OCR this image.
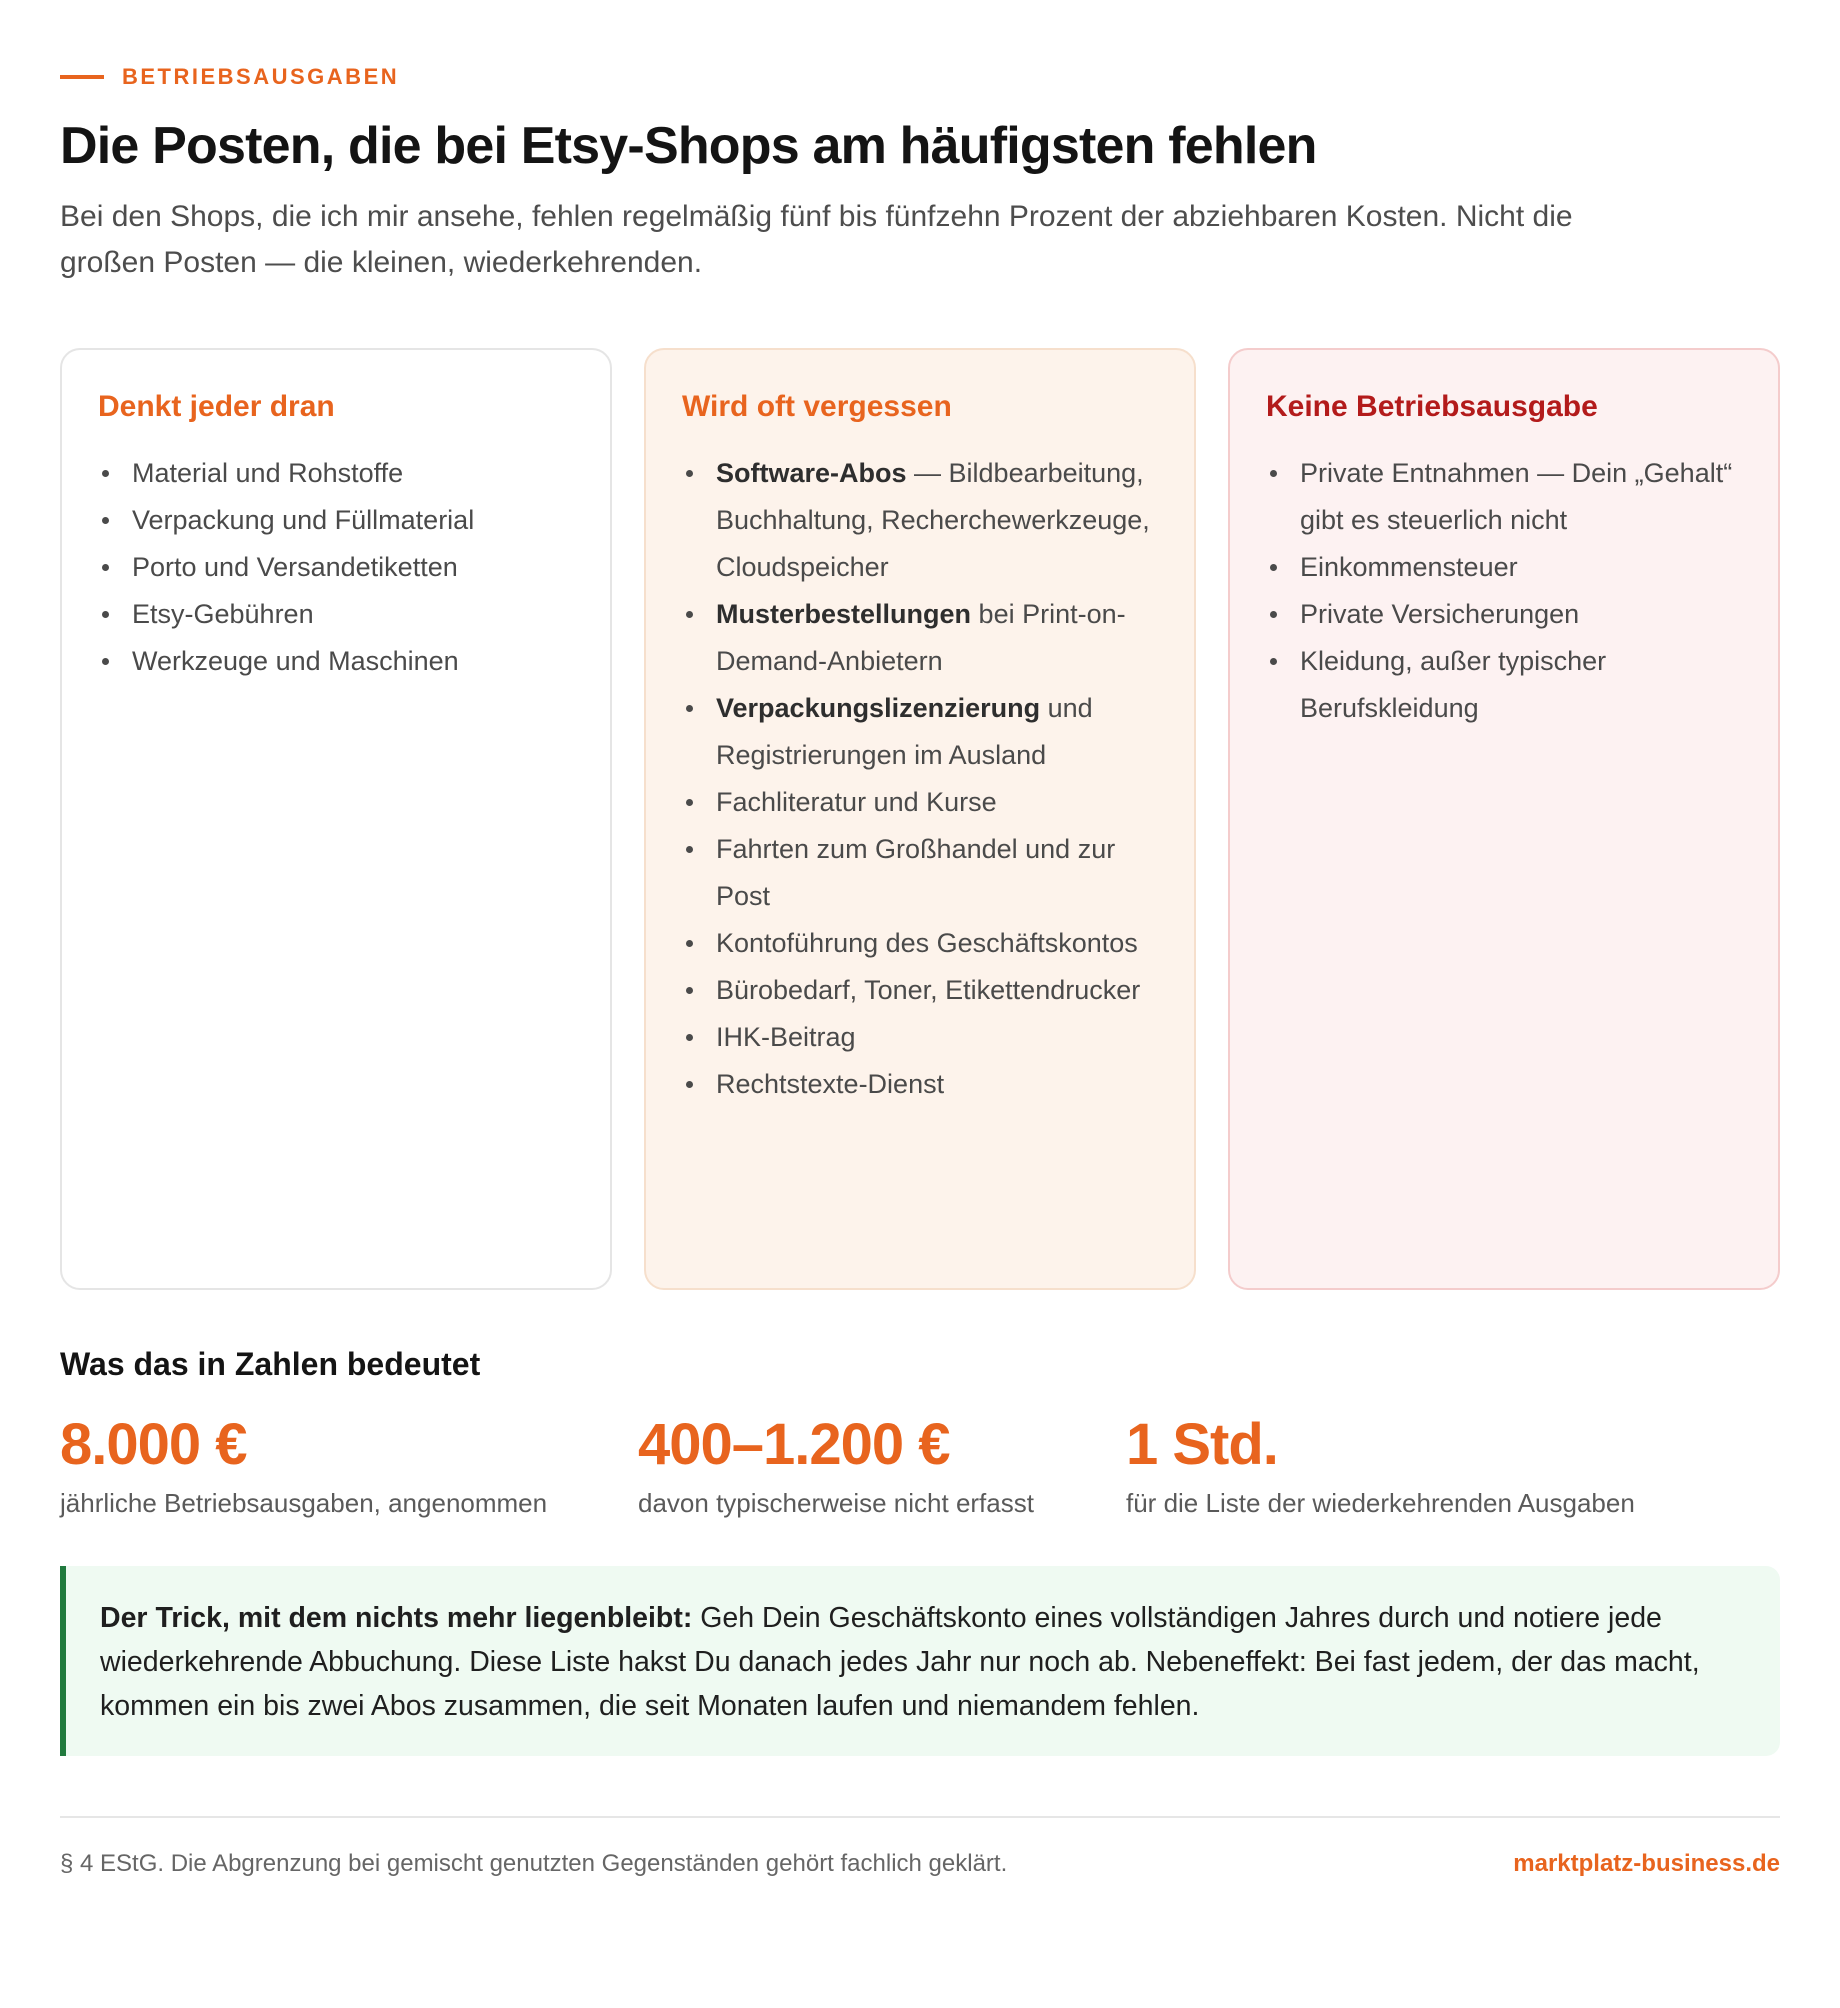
BETRIEBSAUSGABEN
Die Posten, die bei Etsy-Shops am häufigsten fehlen

Bei den Shops, die ich mir ansehe, fehlen regelmäßig fünf bis fünfzehn Prozent der abziehbaren Kosten. Nicht die großen Posten — die kleinen, wiederkehrenden.

Denkt jeder dran
Material und Rohstoffe
Verpackung und Füllmaterial
Porto und Versandetiketten
Etsy-Gebühren
Werkzeuge und Maschinen
Wird oft vergessen
Software-Abos — Bildbearbeitung, Buchhaltung, Recherchewerkzeuge, Cloudspeicher
Musterbestellungen bei Print-on-Demand-Anbietern
Verpackungslizenzierung und Registrierungen im Ausland
Fachliteratur und Kurse
Fahrten zum Großhandel und zur Post
Kontoführung des Geschäftskontos
Bürobedarf, Toner, Etikettendrucker
IHK-Beitrag
Rechtstexte-Dienst
Keine Betriebsausgabe
Private Entnahmen — Dein „Gehalt“ gibt es steuerlich nicht
Einkommensteuer
Private Versicherungen
Kleidung, außer typischer Berufskleidung
Was das in Zahlen bedeutet
8.000 €
jährliche Betriebsausgaben, angenommen
400–1.200 €
davon typischerweise nicht erfasst
1 Std.
für die Liste der wiederkehrenden Ausgaben

Der Trick, mit dem nichts mehr liegenbleibt: Geh Dein Geschäftskonto eines vollständigen Jahres durch und notiere jede wiederkehrende Abbuchung. Diese Liste hakst Du danach jedes Jahr nur noch ab. Nebeneffekt: Bei fast jedem, der das macht, kommen ein bis zwei Abos zusammen, die seit Monaten laufen und niemandem fehlen.

§ 4 EStG. Die Abgrenzung bei gemischt genutzten Gegenständen gehört fachlich geklärt.	marktplatz-business.de
